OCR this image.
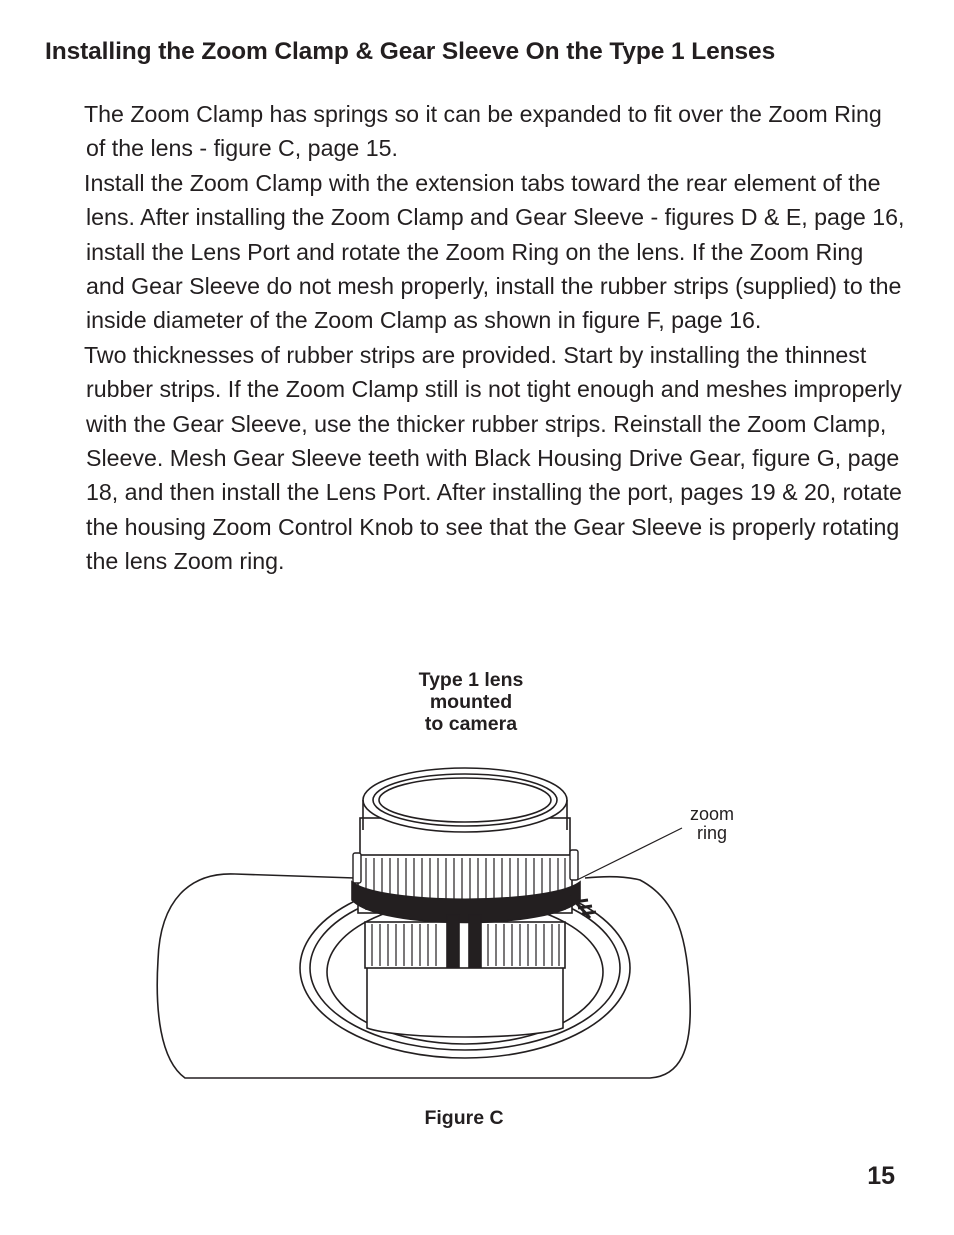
Installing the Zoom Clamp & Gear Sleeve On the Type 1 Lenses

The Zoom Clamp has springs so it can be expanded to fit over the Zoom Ring of the lens - figure C, page 15.

Install the Zoom Clamp with the extension tabs toward the rear element of the lens. After installing the Zoom Clamp and Gear Sleeve - figures D & E, page 16, install the Lens Port and rotate the Zoom Ring on the lens. If the Zoom Ring and Gear Sleeve do not mesh properly, install the rubber strips (supplied) to the inside diameter of the Zoom Clamp as shown in figure F, page 16.

Two thicknesses of rubber strips are provided. Start by installing the thinnest rubber strips. If the Zoom Clamp still is not tight enough and meshes improperly with the Gear Sleeve, use the thicker rubber strips. Reinstall the Zoom Clamp, Sleeve. Mesh Gear Sleeve teeth with Black Housing Drive Gear, figure G, page 18, and then install the Lens Port. After installing the port, pages 19 & 20, rotate the housing Zoom Control Knob to see that the Gear Sleeve is properly rotating the lens Zoom ring.

Type 1 lens
mounted
to camera
zoom
ring
Figure C
15
